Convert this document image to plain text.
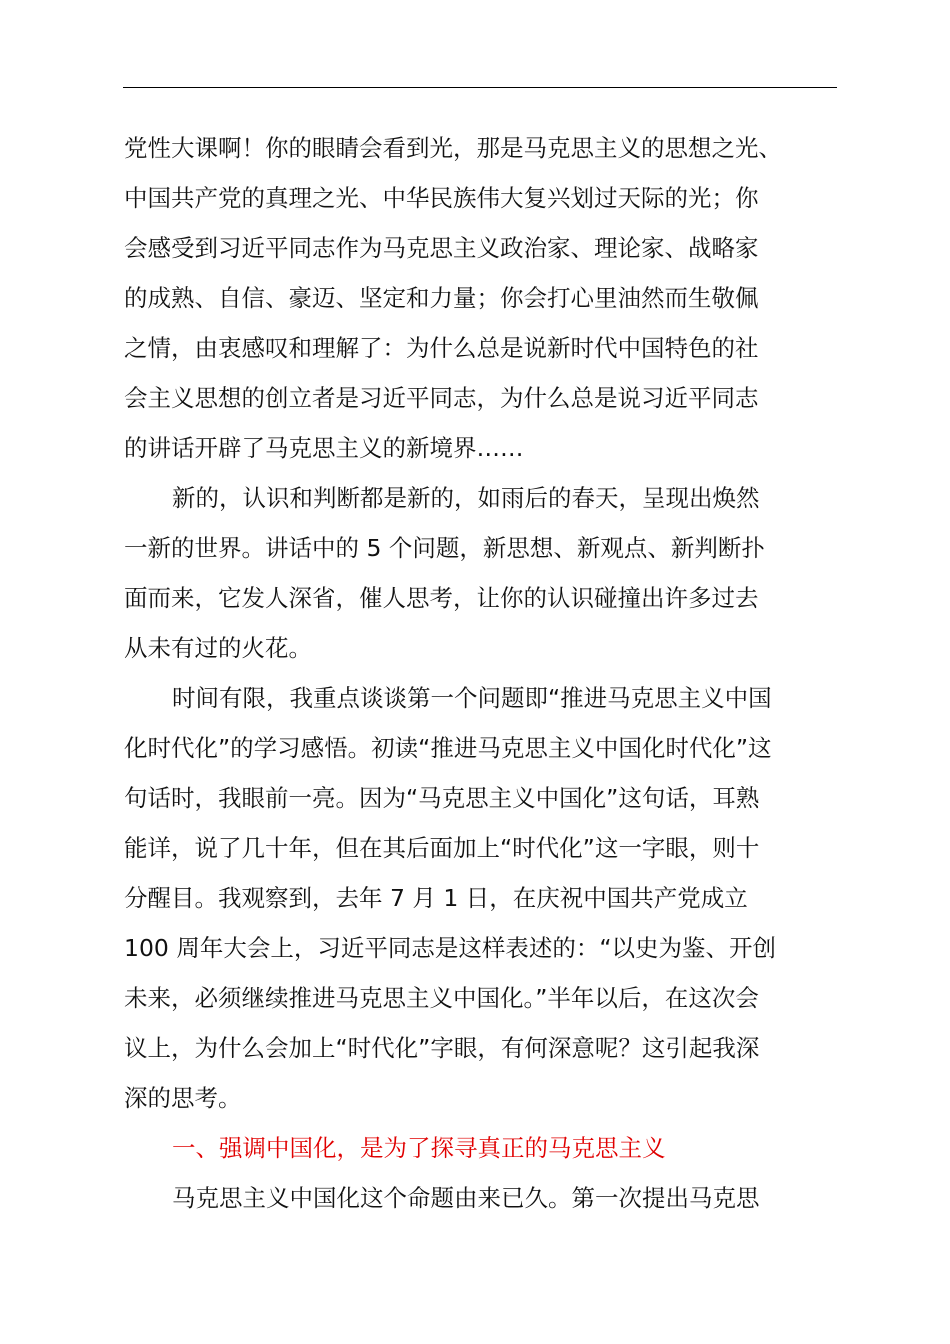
党性大课啊！你的眼睛会看到光，那是马克思主义的思想之光、
中国共产党的真理之光、中华民族伟大复兴划过天际的光；你
会感受到习近平同志作为马克思主义政治家、理论家、战略家
的成熟、自信、豪迈、坚定和力量；你会打心里油然而生敬佩
之情，由衷感叹和理解了：为什么总是说新时代中国特色的社
会主义思想的创立者是习近平同志，为什么总是说习近平同志
的讲话开辟了马克思主义的新境界……

新的，认识和判断都是新的，如雨后的春天，呈现出焕然
一新的世界。讲话中的 5 个问题，新思想、新观点、新判断扑
面而来，它发人深省，催人思考，让你的认识碰撞出许多过去
从未有过的火花。

时间有限，我重点谈谈第一个问题即“推进马克思主义中国
化时代化”的学习感悟。初读“推进马克思主义中国化时代化”这
句话时，我眼前一亮。因为“马克思主义中国化”这句话，耳熟
能详，说了几十年，但在其后面加上“时代化”这一字眼，则十
分醒目。我观察到，去年 7 月 1 日，在庆祝中国共产党成立
100 周年大会上，习近平同志是这样表述的：“以史为鉴、开创
未来，必须继续推进马克思主义中国化。”半年以后，在这次会
议上，为什么会加上“时代化”字眼，有何深意呢？这引起我深
深的思考。

一、强调中国化，是为了探寻真正的马克思主义

马克思主义中国化这个命题由来已久。第一次提出马克思
